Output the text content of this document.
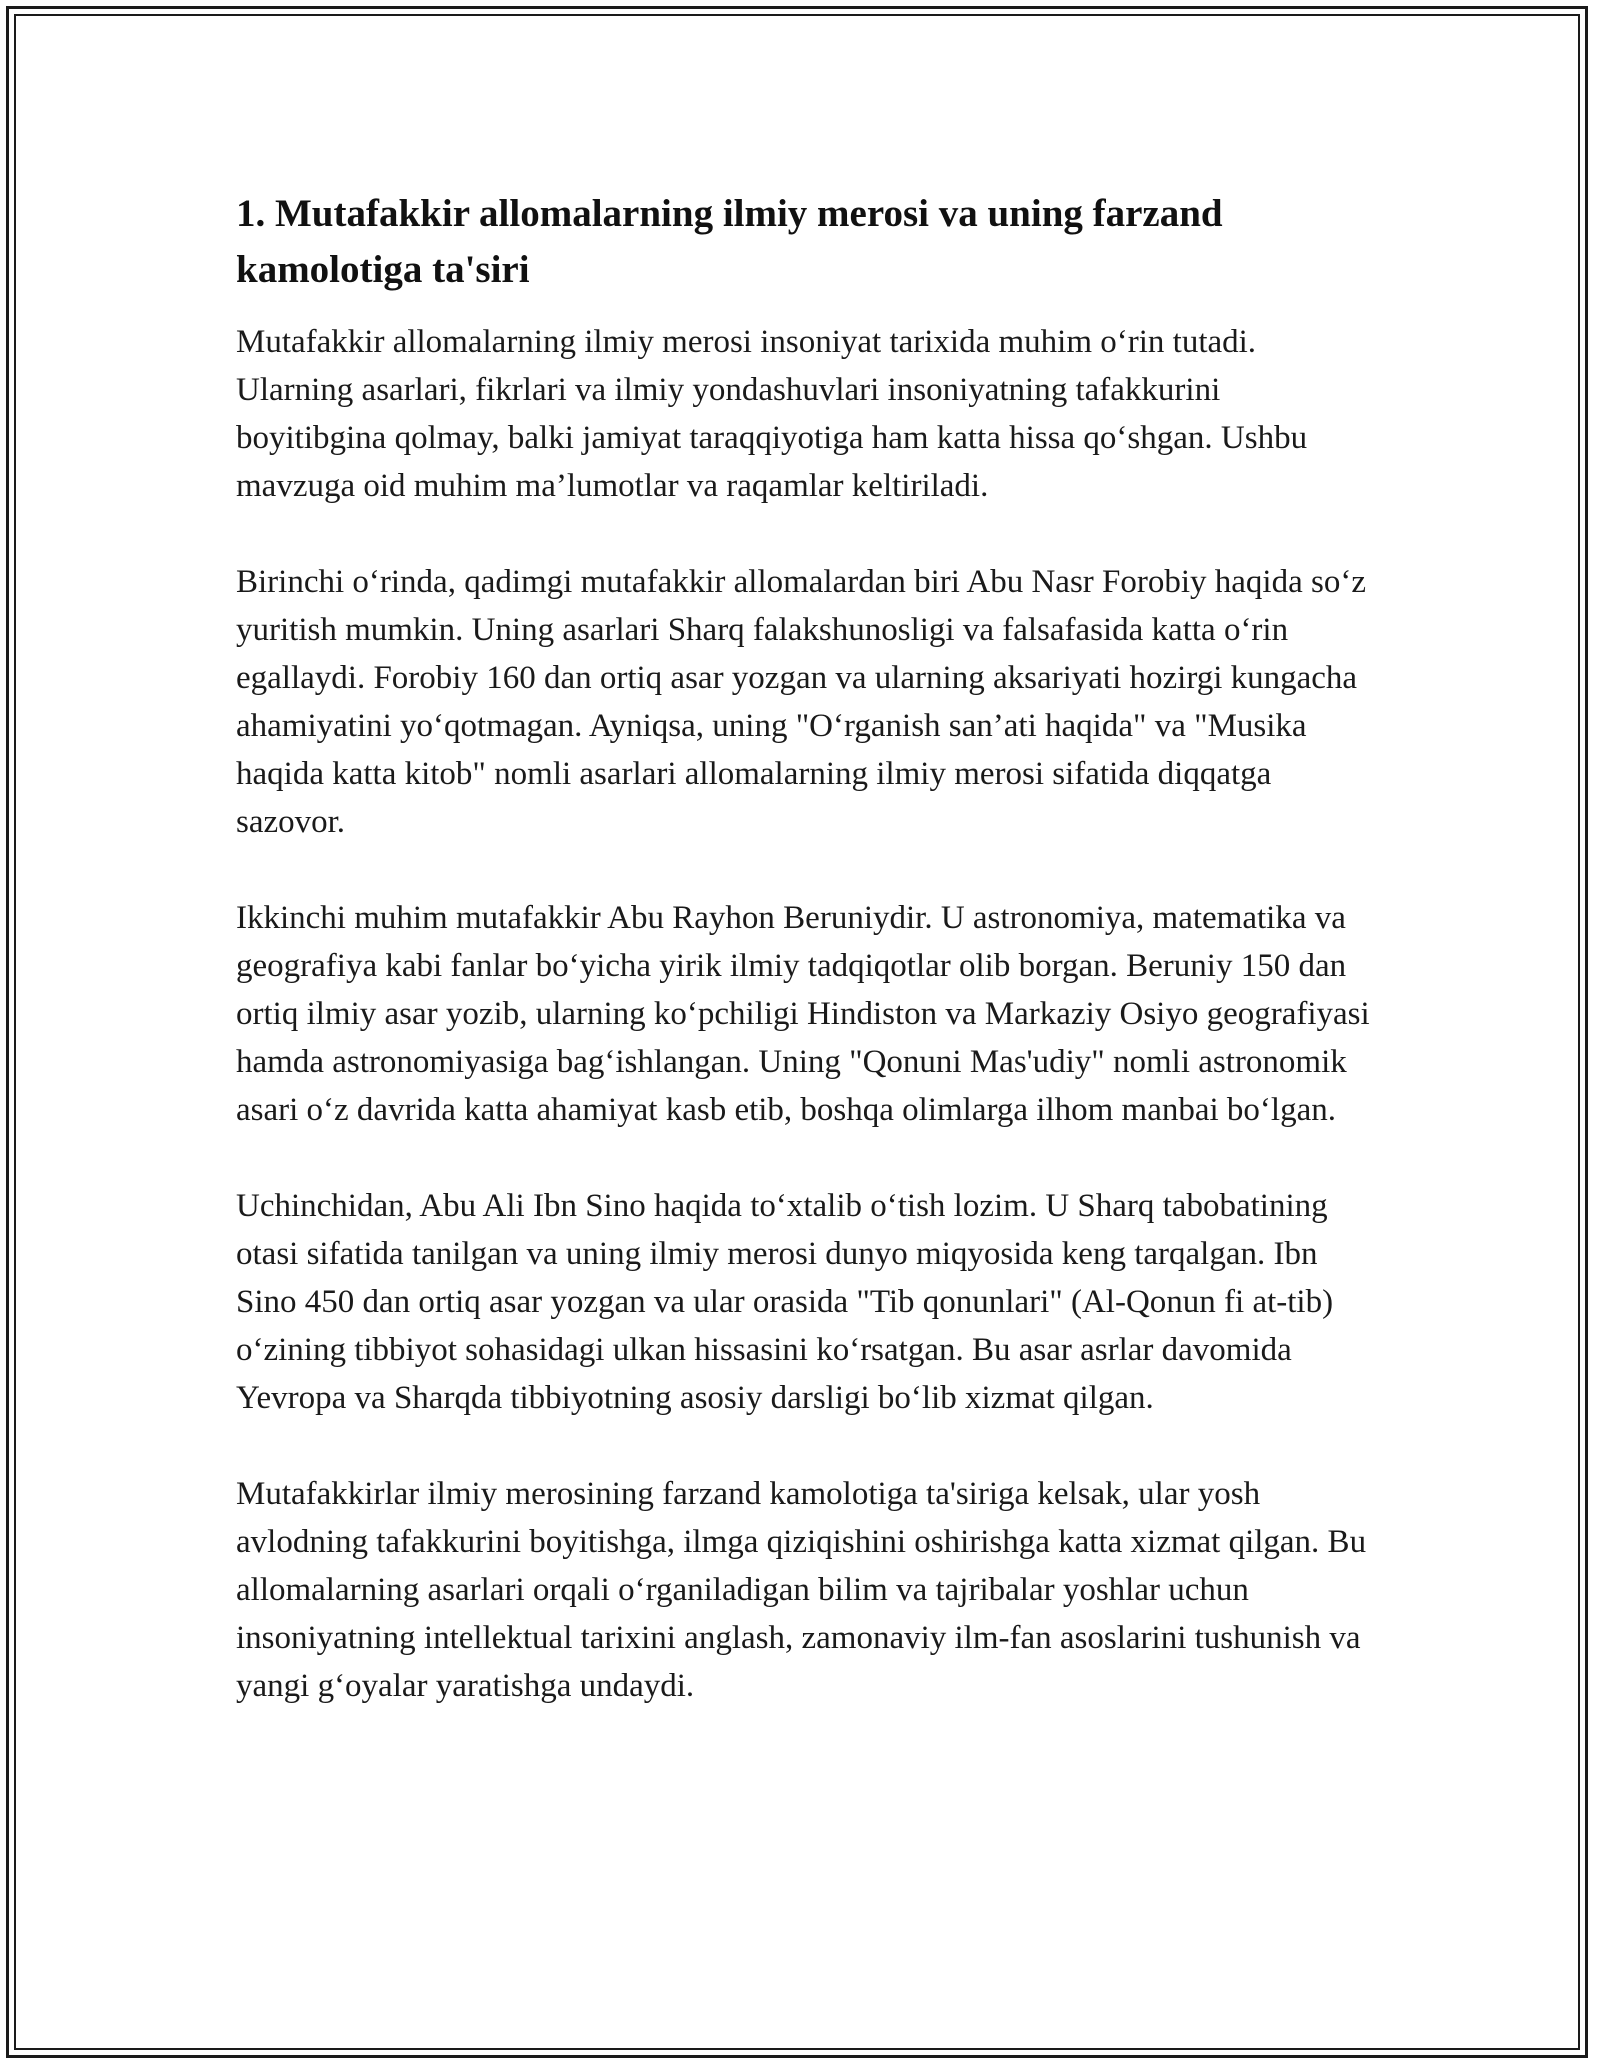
1. Mutafakkir allomalarning ilmiy merosi va uning farzand kamolotiga ta'siri

Mutafakkir allomalarning ilmiy merosi insoniyat tarixida muhim o‘rin tutadi. Ularning asarlari, fikrlari va ilmiy yondashuvlari insoniyatning tafakkurini boyitibgina qolmay, balki jamiyat taraqqiyotiga ham katta hissa qo‘shgan. Ushbu mavzuga oid muhim ma’lumotlar va raqamlar keltiriladi.

Birinchi o‘rinda, qadimgi mutafakkir allomalardan biri Abu Nasr Forobiy haqida so‘z yuritish mumkin. Uning asarlari Sharq falakshunosligi va falsafasida katta o‘rin egallaydi. Forobiy 160 dan ortiq asar yozgan va ularning aksariyati hozirgi kungacha ahamiyatini yo‘qotmagan. Ayniqsa, uning "O‘rganish san’ati haqida" va "Musika haqida katta kitob" nomli asarlari allomalarning ilmiy merosi sifatida diqqatga sazovor.

Ikkinchi muhim mutafakkir Abu Rayhon Beruniydir. U astronomiya, matematika va geografiya kabi fanlar bo‘yicha yirik ilmiy tadqiqotlar olib borgan. Beruniy 150 dan ortiq ilmiy asar yozib, ularning ko‘pchiligi Hindiston va Markaziy Osiyo geografiyasi hamda astronomiyasiga bag‘ishlangan. Uning "Qonuni Mas'udiy" nomli astronomik asari o‘z davrida katta ahamiyat kasb etib, boshqa olimlarga ilhom manbai bo‘lgan.

Uchinchidan, Abu Ali Ibn Sino haqida to‘xtalib o‘tish lozim. U Sharq tabobatining otasi sifatida tanilgan va uning ilmiy merosi dunyo miqyosida keng tarqalgan. Ibn Sino 450 dan ortiq asar yozgan va ular orasida "Tib qonunlari" (Al-Qonun fi at-tib) o‘zining tibbiyot sohasidagi ulkan hissasini ko‘rsatgan. Bu asar asrlar davomida Yevropa va Sharqda tibbiyotning asosiy darsligi bo‘lib xizmat qilgan.

Mutafakkirlar ilmiy merosining farzand kamolotiga ta'siriga kelsak, ular yosh avlodning tafakkurini boyitishga, ilmga qiziqishini oshirishga katta xizmat qilgan. Bu allomalarning asarlari orqali o‘rganiladigan bilim va tajribalar yoshlar uchun insoniyatning intellektual tarixini anglash, zamonaviy ilm-fan asoslarini tushunish va yangi g‘oyalar yaratishga undaydi.
